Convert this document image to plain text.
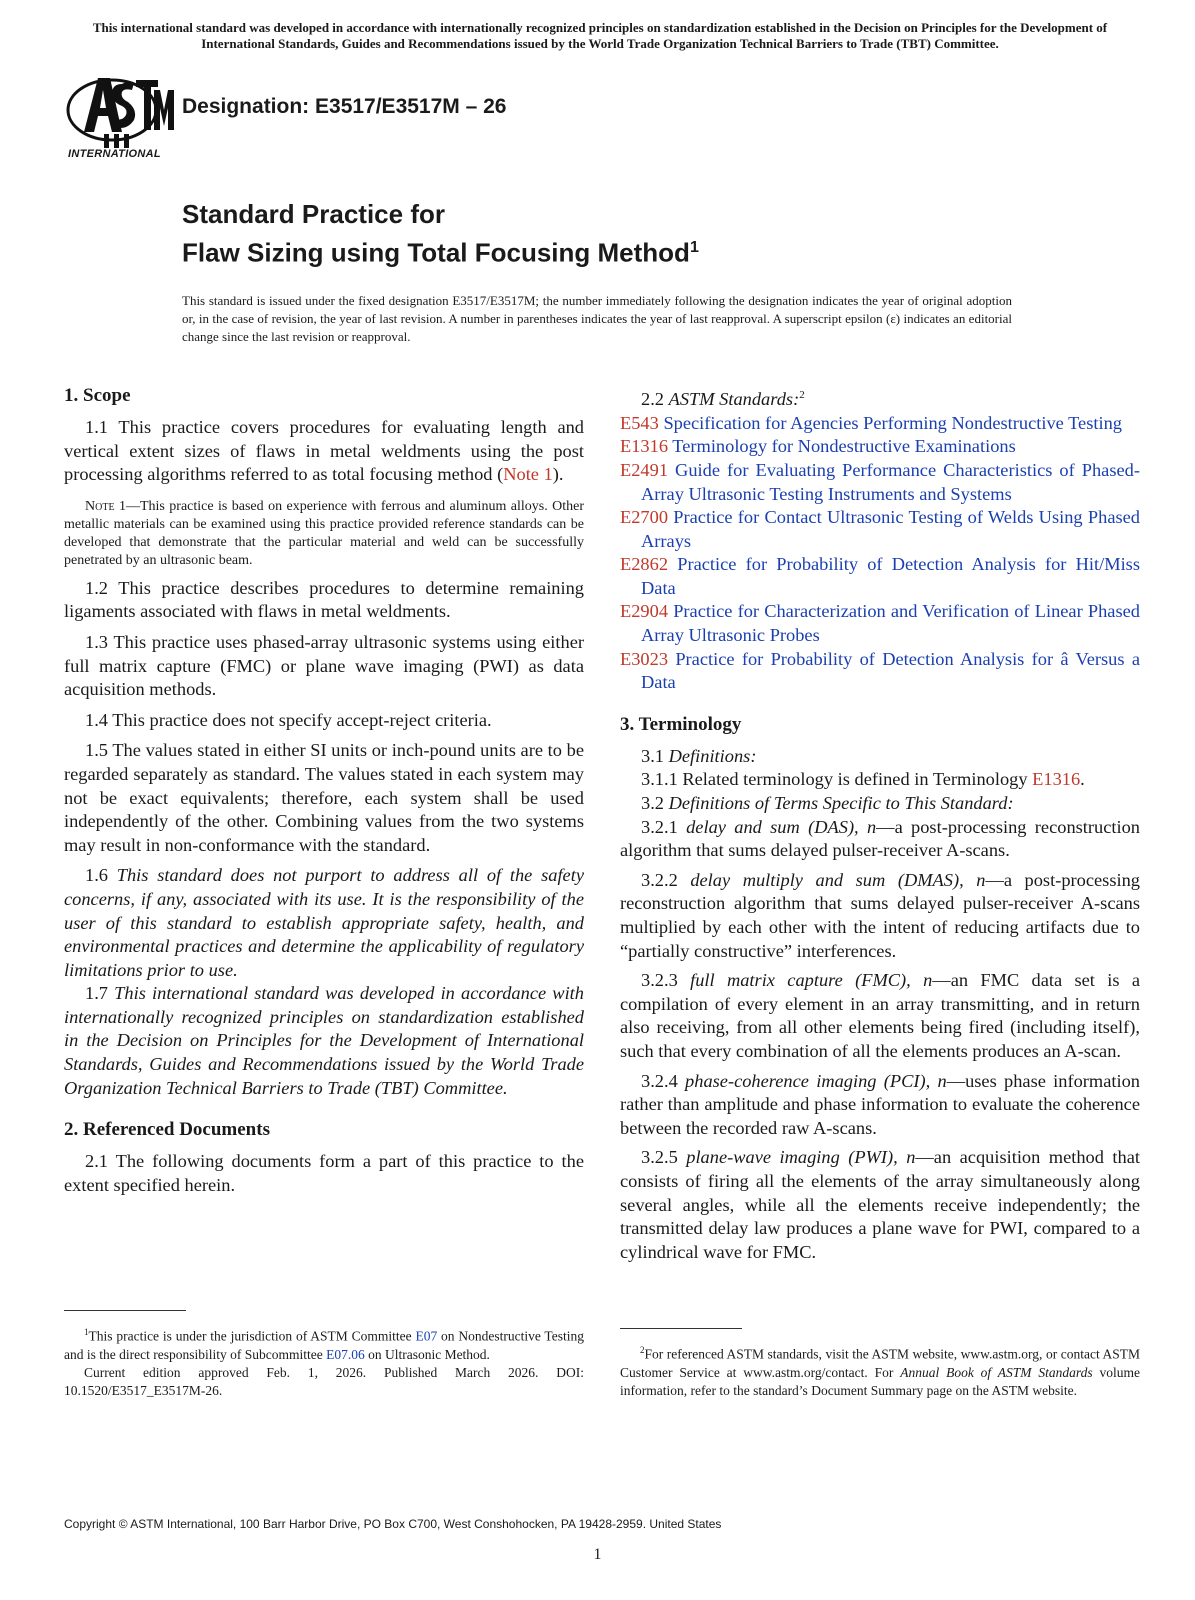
This international standard was developed in accordance with internationally recognized principles on standardization established in the Decision on Principles for the Development of International Standards, Guides and Recommendations issued by the World Trade Organization Technical Barriers to Trade (TBT) Committee.
INTERNATIONAL
Designation: E3517/E3517M – 26
Standard Practice for
Flaw Sizing using Total Focusing Method$^1$
This standard is issued under the fixed designation E3517/E3517M; the number immediately following the designation indicates the year of original adoption or, in the case of revision, the year of last revision. A number in parentheses indicates the year of last reapproval. A superscript epsilon (ε) indicates an editorial change since the last revision or reapproval.
1. Scope

1.1 This practice covers procedures for evaluating length and vertical extent sizes of flaws in metal weldments using the post processing algorithms referred to as total focusing method (Note 1).

Note 1—This practice is based on experience with ferrous and aluminum alloys. Other metallic materials can be examined using this practice provided reference standards can be developed that demonstrate that the particular material and weld can be successfully penetrated by an ultrasonic beam.

1.2 This practice describes procedures to determine remaining ligaments associated with flaws in metal weldments.

1.3 This practice uses phased-array ultrasonic systems using either full matrix capture (FMC) or plane wave imaging (PWI) as data acquisition methods.

1.4 This practice does not specify accept-reject criteria.

1.5 The values stated in either SI units or inch-pound units are to be regarded separately as standard. The values stated in each system may not be exact equivalents; therefore, each system shall be used independently of the other. Combining values from the two systems may result in non-conformance with the standard.

1.6 This standard does not purport to address all of the safety concerns, if any, associated with its use. It is the responsibility of the user of this standard to establish appropriate safety, health, and environmental practices and determine the applicability of regulatory limitations prior to use.

1.7 This international standard was developed in accordance with internationally recognized principles on standardization established in the Decision on Principles for the Development of International Standards, Guides and Recommendations issued by the World Trade Organization Technical Barriers to Trade (TBT) Committee.

2. Referenced Documents

2.1 The following documents form a part of this practice to the extent specified herein.

$^1$This practice is under the jurisdiction of ASTM Committee E07 on Nondestructive Testing and is the direct responsibility of Subcommittee E07.06 on Ultrasonic Method.
Current edition approved Feb. 1, 2026. Published March 2026. DOI: 10.1520/E3517_E3517M-26.

2.2 ASTM Standards:$^2$

E543 Specification for Agencies Performing Nondestructive Testing

E1316 Terminology for Nondestructive Examinations

E2491 Guide for Evaluating Performance Characteristics of Phased-Array Ultrasonic Testing Instruments and Systems

E2700 Practice for Contact Ultrasonic Testing of Welds Using Phased Arrays

E2862 Practice for Probability of Detection Analysis for Hit/Miss Data

E2904 Practice for Characterization and Verification of Linear Phased Array Ultrasonic Probes

E3023 Practice for Probability of Detection Analysis for â Versus a Data

3. Terminology

3.1 Definitions:

3.1.1 Related terminology is defined in Terminology E1316.

3.2 Definitions of Terms Specific to This Standard:

3.2.1 delay and sum (DAS), n—a post-processing reconstruction algorithm that sums delayed pulser-receiver A-scans.

3.2.2 delay multiply and sum (DMAS), n—a post-processing reconstruction algorithm that sums delayed pulser-receiver A-scans multiplied by each other with the intent of reducing artifacts due to “partially constructive” interferences.

3.2.3 full matrix capture (FMC), n—an FMC data set is a compilation of every element in an array transmitting, and in return also receiving, from all other elements being fired (including itself), such that every combination of all the elements produces an A-scan.

3.2.4 phase-coherence imaging (PCI), n—uses phase information rather than amplitude and phase information to evaluate the coherence between the recorded raw A-scans.

3.2.5 plane-wave imaging (PWI), n—an acquisition method that consists of firing all the elements of the array simultaneously along several angles, while all the elements receive independently; the transmitted delay law produces a plane wave for PWI, compared to a cylindrical wave for FMC.

$^2$For referenced ASTM standards, visit the ASTM website, www.astm.org, or contact ASTM Customer Service at www.astm.org/contact. For Annual Book of ASTM Standards volume information, refer to the standard’s Document Summary page on the ASTM website.
Copyright © ASTM International, 100 Barr Harbor Drive, PO Box C700, West Conshohocken, PA 19428-2959. United States
1
